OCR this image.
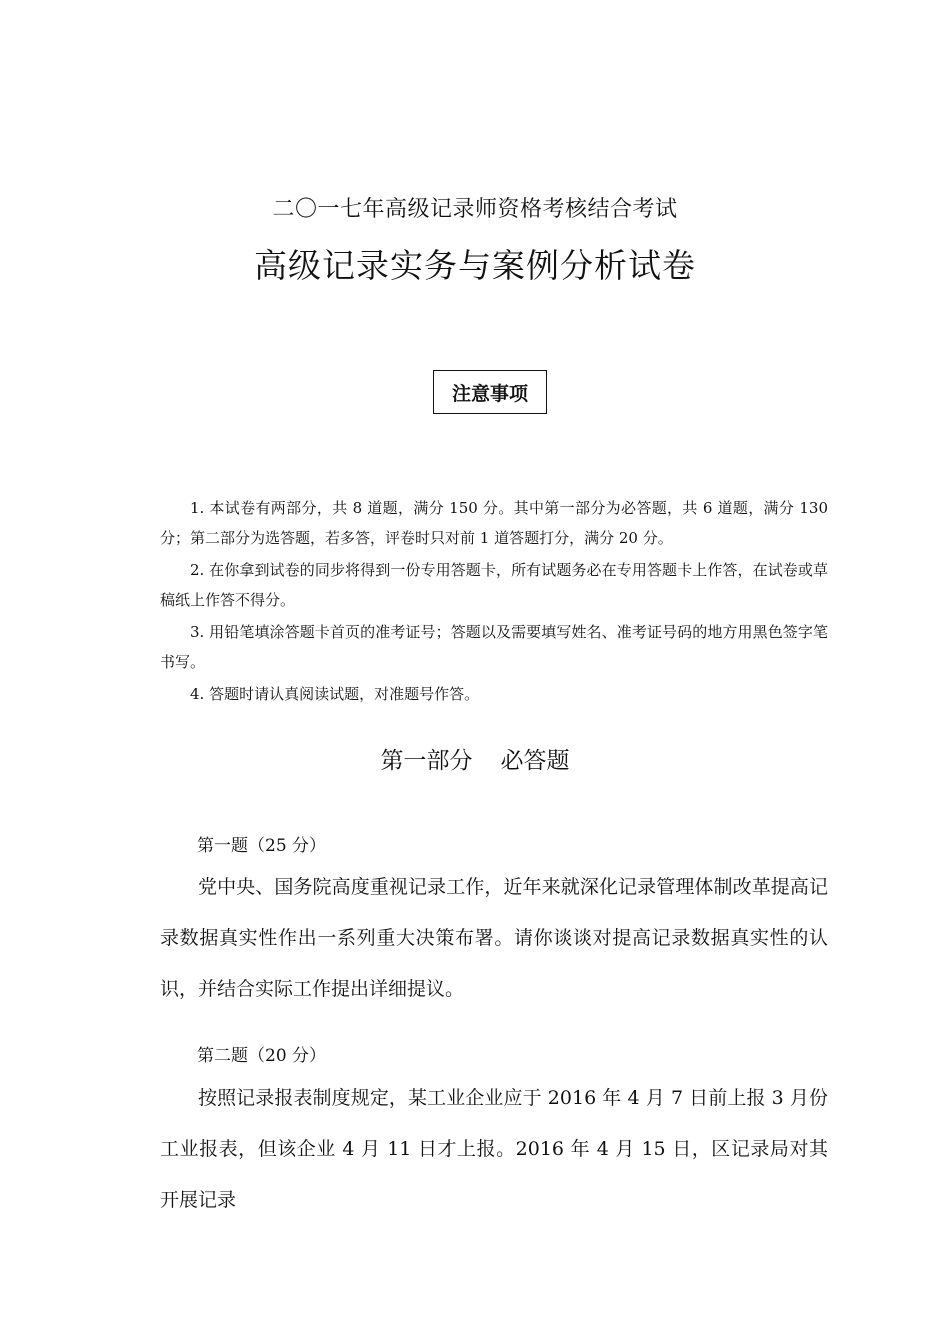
二〇一七年高级记录师资格考核结合考试
高级记录实务与案例分析试卷
注意事项

1. 本试卷有两部分，共 8 道题，满分 150 分。其中第一部分为必答题，共 6 道题，满分 130 分；第二部分为选答题，若多答，评卷时只对前 1 道答题打分，满分 20 分。

2. 在你拿到试卷的同步将得到一份专用答题卡，所有试题务必在专用答题卡上作答，在试卷或草稿纸上作答不得分。

3. 用铅笔填涂答题卡首页的准考证号；答题以及需要填写姓名、准考证号码的地方用黑色签字笔书写。

4. 答题时请认真阅读试题，对准题号作答。

第一部分 必答题
第一题（25 分）
党中央、国务院高度重视记录工作，近年来就深化记录管理体制改革提高记录数据真实性作出一系列重大决策布署。请你谈谈对提高记录数据真实性的认识，并结合实际工作提出详细提议。
第二题（20 分）
按照记录报表制度规定，某工业企业应于 2016 年 4 月 7 日前上报 3 月份工业报表，但该企业 4 月 11 日才上报。2016 年 4 月 15 日，区记录局对其开展记录
